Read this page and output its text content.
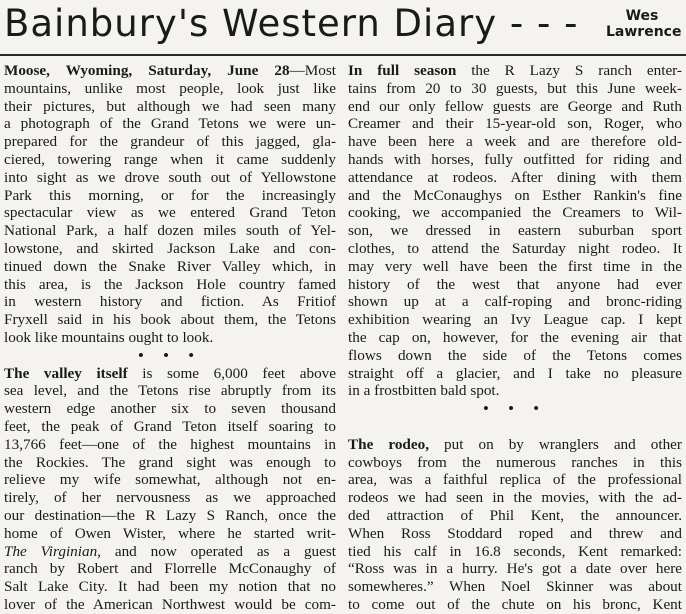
Bainbury's Western Diary - - -	Wes
Lawrence
Moose, Wyoming, Saturday, June 28—Most
mountains, unlike most people, look just like
their pictures, but although we had seen many
a photograph of the Grand Tetons we were un-
prepared for the grandeur of this jagged, gla-
ciered, towering range when it came suddenly
into sight as we drove south out of Yellowstone
Park this morning, or for the increasingly
spectacular view as we entered Grand Teton
National Park, a half dozen miles south of Yel-
lowstone, and skirted Jackson Lake and con-
tinued down the Snake River Valley which, in
this area, is the Jackson Hole country famed
in western history and fiction. As Fritiof
Fryxell said in his book about them, the Tetons
look like mountains ought to look.
• • •
The valley itself is some 6,000 feet above
sea level, and the Tetons rise abruptly from its
western edge another six to seven thousand
feet, the peak of Grand Teton itself soaring to
13,766 feet—one of the highest mountains in
the Rockies. The grand sight was enough to
relieve my wife somewhat, although not en-
tirely, of her nervousness as we approached
our destination—the R Lazy S Ranch, once the
home of Owen Wister, where he started writ-
The Virginian, and now operated as a guest
ranch by Robert and Florrelle McConaughy of
Salt Lake City. It had been my notion that no
lover of the American Northwest would be com-
In full season the R Lazy S ranch enter-
tains from 20 to 30 guests, but this June week-
end our only fellow guests are George and Ruth
Creamer and their 15-year-old son, Roger, who
have been here a week and are therefore old-
hands with horses, fully outfitted for riding and
attendance at rodeos. After dining with them
and the McConaughys on Esther Rankin's fine
cooking, we accompanied the Creamers to Wil-
son, we dressed in eastern suburban sport
clothes, to attend the Saturday night rodeo. It
may very well have been the first time in the
history of the west that anyone had ever
shown up at a calf-roping and bronc-riding
exhibition wearing an Ivy League cap. I kept
the cap on, however, for the evening air that
flows down the side of the Tetons comes
straight off a glacier, and I take no pleasure
in a frostbitten bald spot.
• • •
The rodeo, put on by wranglers and other
cowboys from the numerous ranches in this
area, was a faithful replica of the professional
rodeos we had seen in the movies, with the ad-
ded attraction of Phil Kent, the announcer.
When Ross Stoddard roped and threw and
tied his calf in 16.8 seconds, Kent remarked:
“Ross was in a hurry. He's got a date over here
somewheres.” When Noel Skinner was about
to come out of the chute on his bronc, Kent
